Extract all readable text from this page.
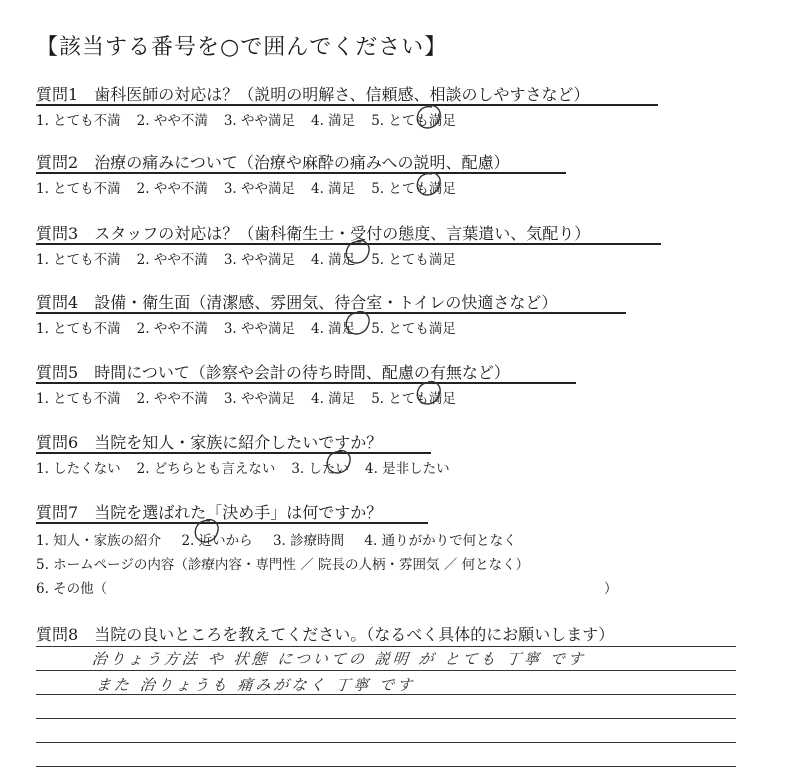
【該当する番号を○で囲んでください】
質問1 歯科医師の対応は？（説明の明解さ、信頼感、相談のしやすさなど）
1. とても不満 2. やや不満 3. やや満足 4. 満足 5. とても満足
質問2 治療の痛みについて（治療や麻酔の痛みへの説明、配慮）
1. とても不満 2. やや不満 3. やや満足 4. 満足 5. とても満足
質問3 スタッフの対応は？（歯科衛生士・受付の態度、言葉遣い、気配り）
1. とても不満 2. やや不満 3. やや満足 4. 満足 5. とても満足
質問4 設備・衛生面（清潔感、雰囲気、待合室・トイレの快適さなど）
1. とても不満 2. やや不満 3. やや満足 4. 満足 5. とても満足
質問5 時間について（診察や会計の待ち時間、配慮の有無など）
1. とても不満 2. やや不満 3. やや満足 4. 満足 5. とても満足
質問6 当院を知人・家族に紹介したいですか？
1. したくない 2. どちらとも言えない 3. したい 4. 是非したい
質問7 当院を選ばれた「決め手」は何ですか？
1. 知人・家族の紹介 2. 近いから 3. 診療時間 4. 通りがかりで何となく
5. ホームページの内容（診療内容・専門性 ／ 院長の人柄・雰囲気 ／ 何となく）
6. その他（	）
質問8 当院の良いところを教えてください。（なるべく具体的にお願いします）
治りょう方法 や 状態 についての 説明 が とても 丁寧 です
また 治りょうも 痛みがなく 丁寧 です
